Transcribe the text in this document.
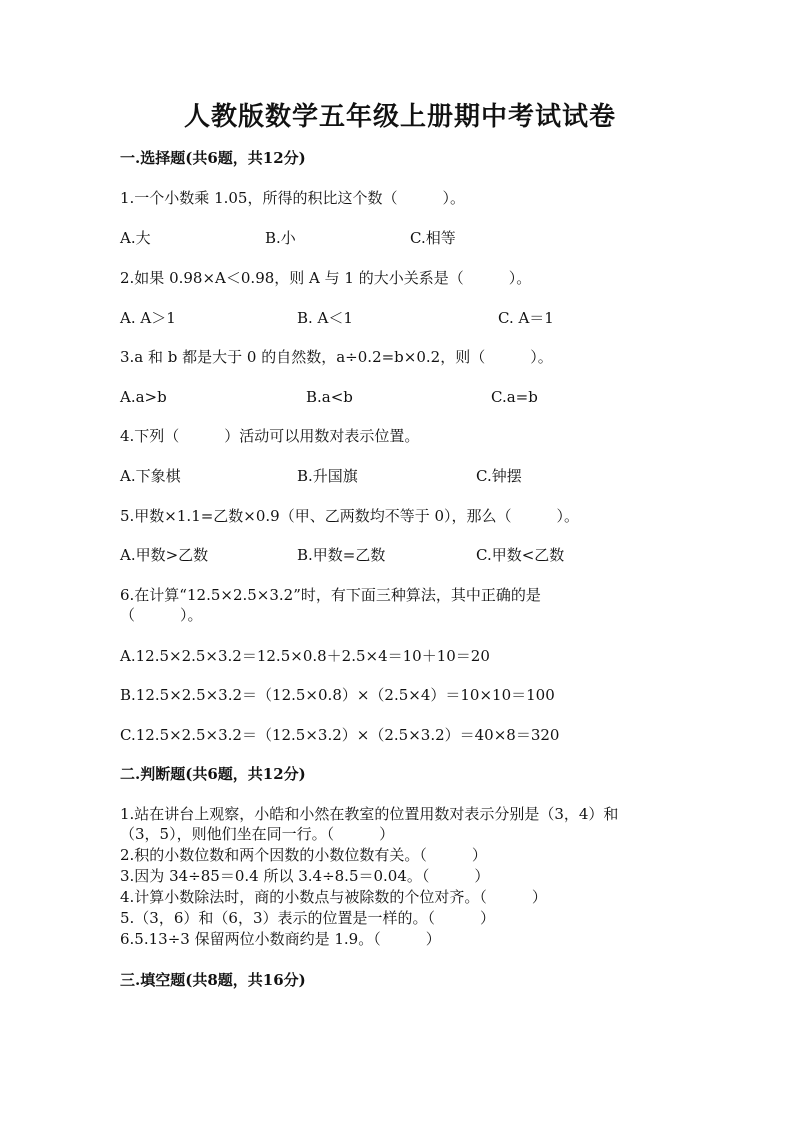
人教版数学五年级上册期中考试试卷
一.选择题(共6题，共12分)
1.一个小数乘 1.05，所得的积比这个数（　　　）。
A.大	B.小	C.相等
2.如果 0.98×A＜0.98，则 A 与 1 的大小关系是（　　　）。
A. A＞1	B. A＜1	C. A＝1
3.a 和 b 都是大于 0 的自然数，a÷0.2=b×0.2，则（　　　）。
A.a>b	B.a<b	C.a=b
4.下列（　　　）活动可以用数对表示位置。
A.下象棋	B.升国旗	C.钟摆
5.甲数×1.1=乙数×0.9（甲、乙两数均不等于 0），那么（　　　）。
A.甲数>乙数	B.甲数=乙数	C.甲数<乙数
6.在计算“12.5×2.5×3.2”时，有下面三种算法，其中正确的是
（　　　）。
A.12.5×2.5×3.2＝12.5×0.8＋2.5×4＝10＋10＝20
B.12.5×2.5×3.2＝（12.5×0.8）×（2.5×4）＝10×10＝100
C.12.5×2.5×3.2＝（12.5×3.2）×（2.5×3.2）＝40×8＝320
二.判断题(共6题，共12分)
1.站在讲台上观察，小皓和小然在教室的位置用数对表示分别是（3，4）和
（3，5），则他们坐在同一行。（　　　）
2.积的小数位数和两个因数的小数位数有关。（　　　）
3.因为 34÷85＝0.4 所以 3.4÷8.5＝0.04。（　　　）
4.计算小数除法时，商的小数点与被除数的个位对齐。（　　　）
5.（3，6）和（6，3）表示的位置是一样的。（　　　）
6.5.13÷3 保留两位小数商约是 1.9。（　　　）
三.填空题(共8题，共16分)
